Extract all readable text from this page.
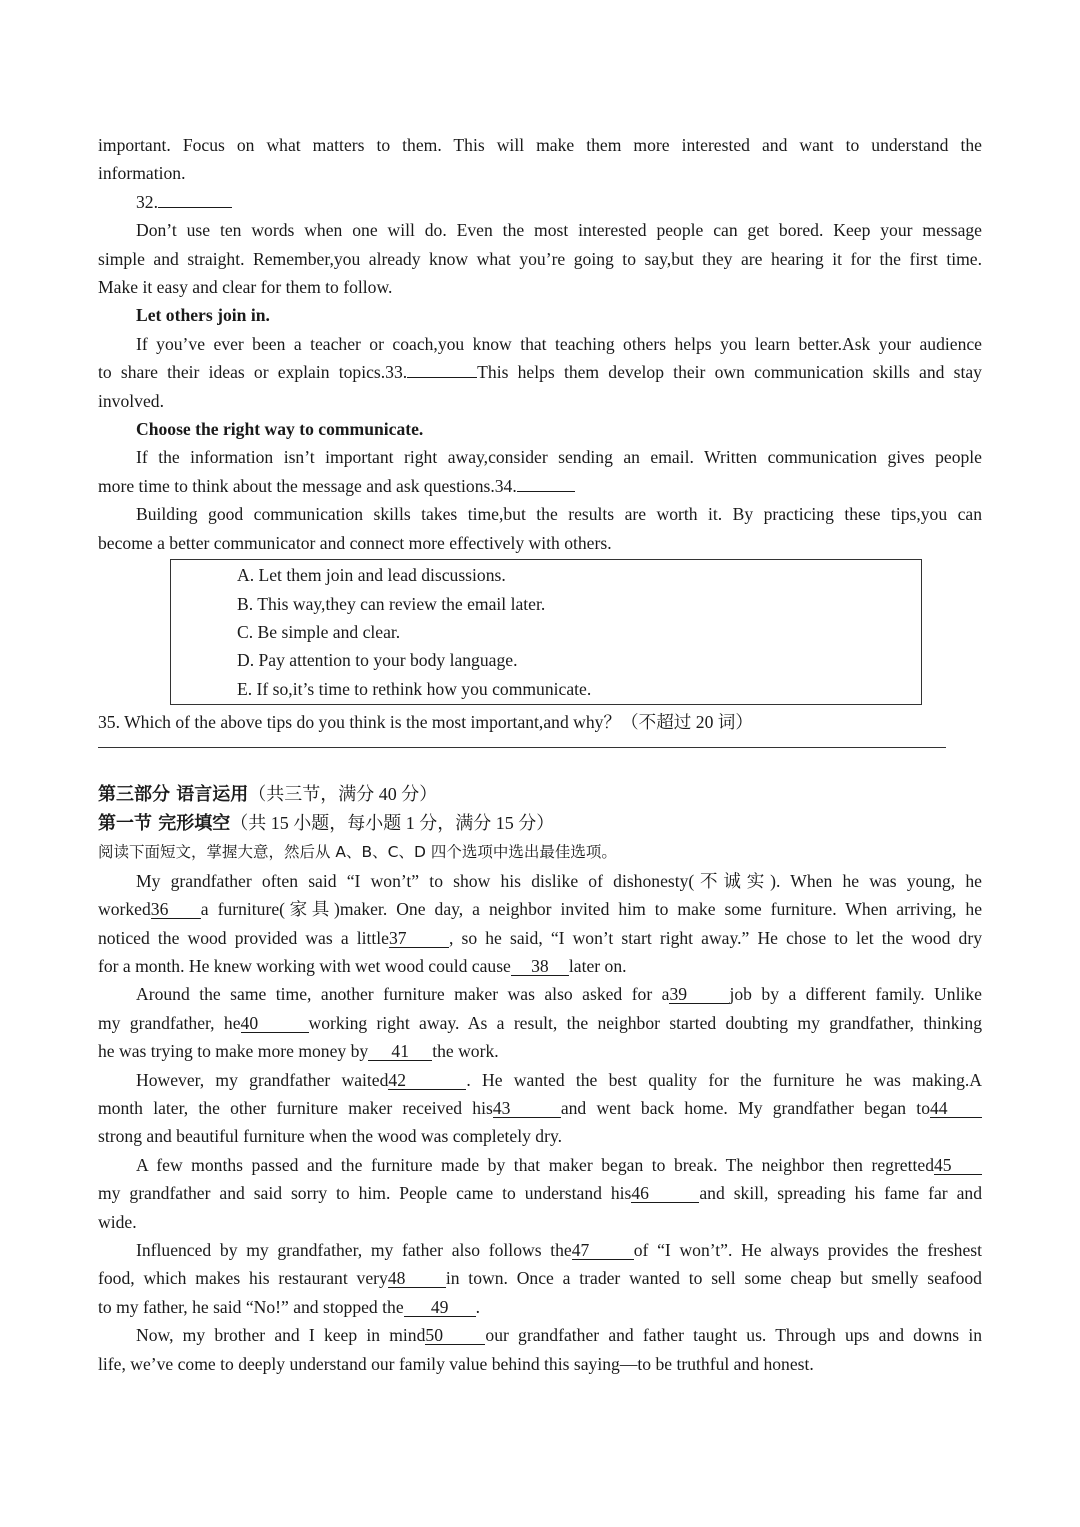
important. Focus on what matters to them. This will make them more interested and want to understand the
information.
32.
Don’t use ten words when one will do. Even the most interested people can get bored. Keep your message
simple and straight. Remember,you already know what you’re going to say,but they are hearing it for the first time.
Make it easy and clear for them to follow.
Let others join in.
If you’ve ever been a teacher or coach,you know that teaching others helps you learn better.Ask your audience
to share their ideas or explain topics.33.	This helps them develop their own communication skills and stay
involved.
Choose the right way to communicate.
If the information isn’t important right away,consider sending an email. Written communication gives people
more time to think about the message and ask questions.34.
Building good communication skills takes time,but the results are worth it. By practicing these tips,you can
become a better communicator and connect more effectively with others.
A. Let them join and lead discussions.
B. This way,they can review the email later.
C. Be simple and clear.
D. Pay attention to your body language.
E. If so,it’s time to rethink how you communicate.
35. Which of the above tips do you think is the most important,and why？（不超过 20 词）
第三部分 语言运用（共三节，满分 40 分）
第一节 完形填空（共 15 小题，每小题 1 分，满分 15 分）
阅读下面短文，掌握大意，然后从 A、B、C、D 四个选项中选出最佳选项。
My grandfather often said “I won’t” to show his dislike of dishonesty(不诚实). When he was young, he
worked36 a furniture(家具)maker. One day, a neighbor invited him to make some furniture. When arriving, he
noticed the wood provided was a little37 , so he said, “I won’t start right away.” He chose to let the wood dry
for a month. He knew working with wet wood could cause 38 later on.
Around the same time, another furniture maker was also asked for a39 job by a different family. Unlike
my grandfather, he40	working right away. As a result, the neighbor started doubting my grandfather, thinking
he was trying to make more money by 41 the work.
However, my grandfather waited42	. He wanted the best quality for the furniture he was making.A
month later, the other furniture maker received his43	and went back home. My grandfather began to44
strong and beautiful furniture when the wood was completely dry.
A few months passed and the furniture made by that maker began to break. The neighbor then regretted45
my grandfather and said sorry to him. People came to understand his46	and skill, spreading his fame far and
wide.
Influenced by my grandfather, my father also follows the47	of “I won’t”. He always provides the freshest
food, which makes his restaurant very48 in town. Once a trader wanted to sell some cheap but smelly seafood
to my father, he said “No!” and stopped the 49 .
Now, my brother and I keep in mind50 our grandfather and father taught us. Through ups and downs in
life, we’ve come to deeply understand our family value behind this saying—to be truthful and honest.
